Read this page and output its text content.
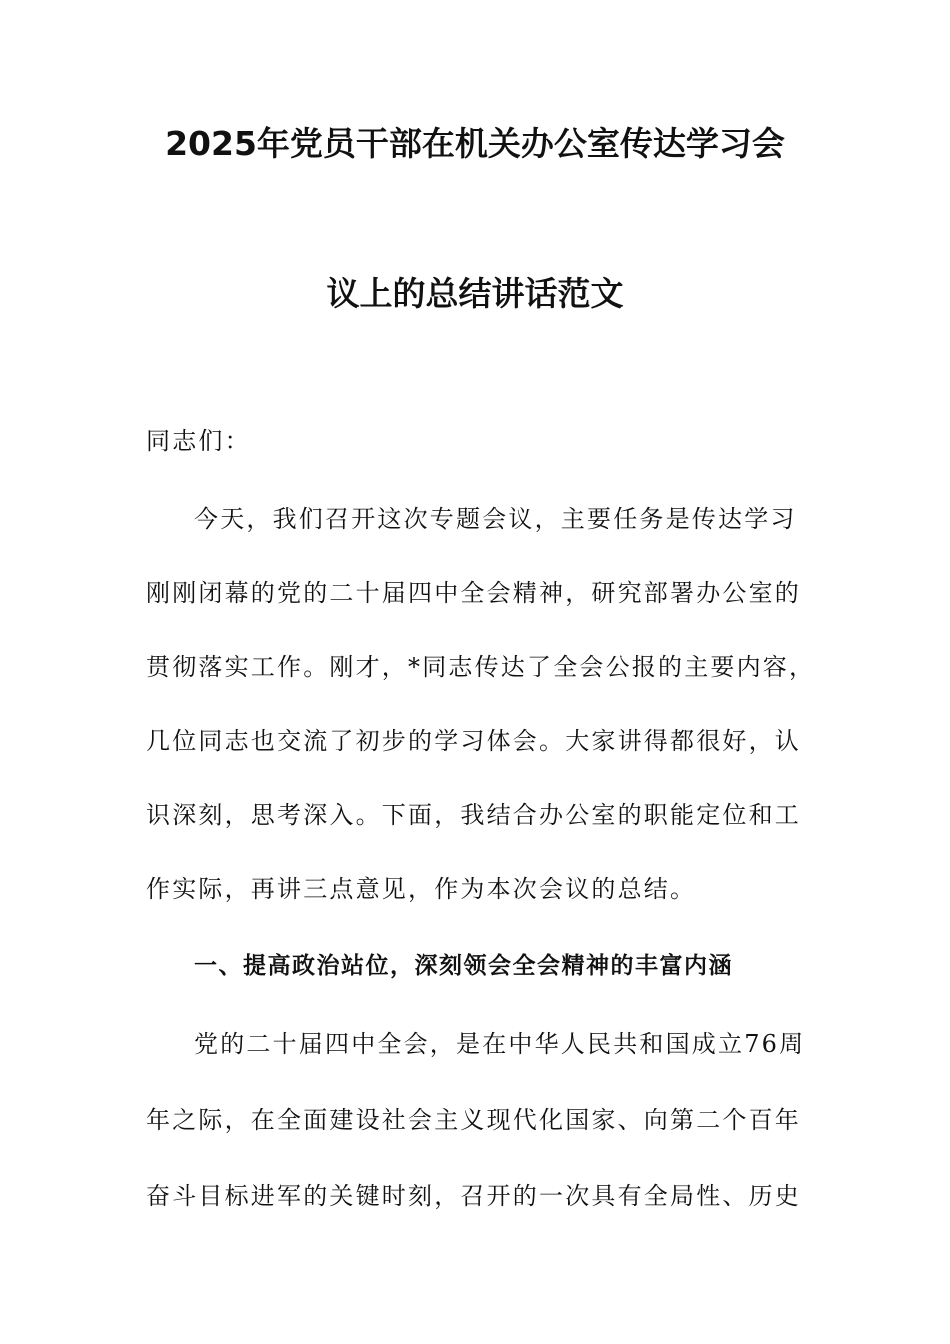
2025年党员干部在机关办公室传达学习会
议上的总结讲话范文
同志们：
今天，我们召开这次专题会议，主要任务是传达学习
刚刚闭幕的党的二十届四中全会精神，研究部署办公室的
贯彻落实工作。刚才，*同志传达了全会公报的主要内容，
几位同志也交流了初步的学习体会。大家讲得都很好，认
识深刻，思考深入。下面，我结合办公室的职能定位和工
作实际，再讲三点意见，作为本次会议的总结。
一、提高政治站位，深刻领会全会精神的丰富内涵
党的二十届四中全会，是在中华人民共和国成立76周
年之际，在全面建设社会主义现代化国家、向第二个百年
奋斗目标进军的关键时刻，召开的一次具有全局性、历史
